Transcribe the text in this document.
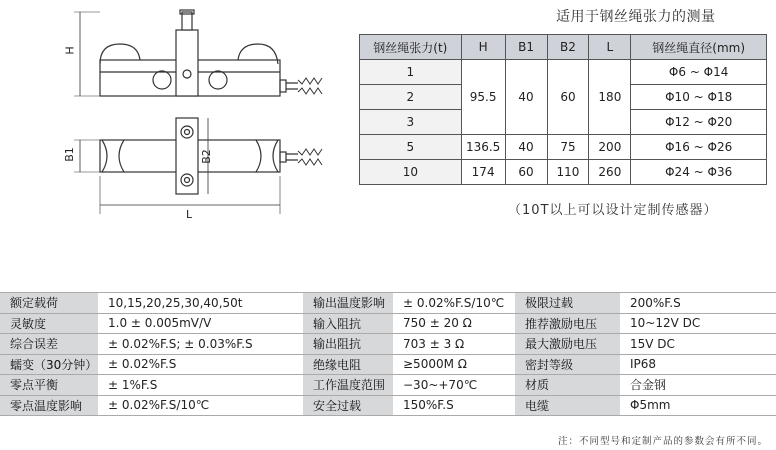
H
B1	B2
L
适用于钢丝绳张力的测量
钢丝绳张力(t)	H	B1	B2	L	钢丝绳直径(mm)
1	95.5	40	60	180	Φ6 ~ Φ14
2					Φ10 ~ Φ18
3					Φ12 ~ Φ20
5	136.5	40	75	200	Φ16 ~ Φ26
10	174	60	110	260	Φ24 ~ Φ36
（10T以上可以设计定制传感器）
额定载荷	10,15,20,25,30,40,50t	输出温度影响	± 0.02%F.S/10℃	极限过载	200%F.S
灵敏度	1.0 ± 0.005mV/V	输入阻抗	750 ± 20 Ω	推荐激励电压	10~12V DC
综合误差	± 0.02%F.S; ± 0.03%F.S	输出阻抗	703 ± 3 Ω	最大激励电压	15V DC
蠕变（30分钟）	± 0.02%F.S	绝缘电阻	≥5000M Ω	密封等级	IP68
零点平衡	± 1%F.S	工作温度范围	−30~+70℃	材质	合金钢
零点温度影响	± 0.02%F.S/10℃	安全过载	150%F.S	电缆	Φ5mm
注：不同型号和定制产品的参数会有所不同。
